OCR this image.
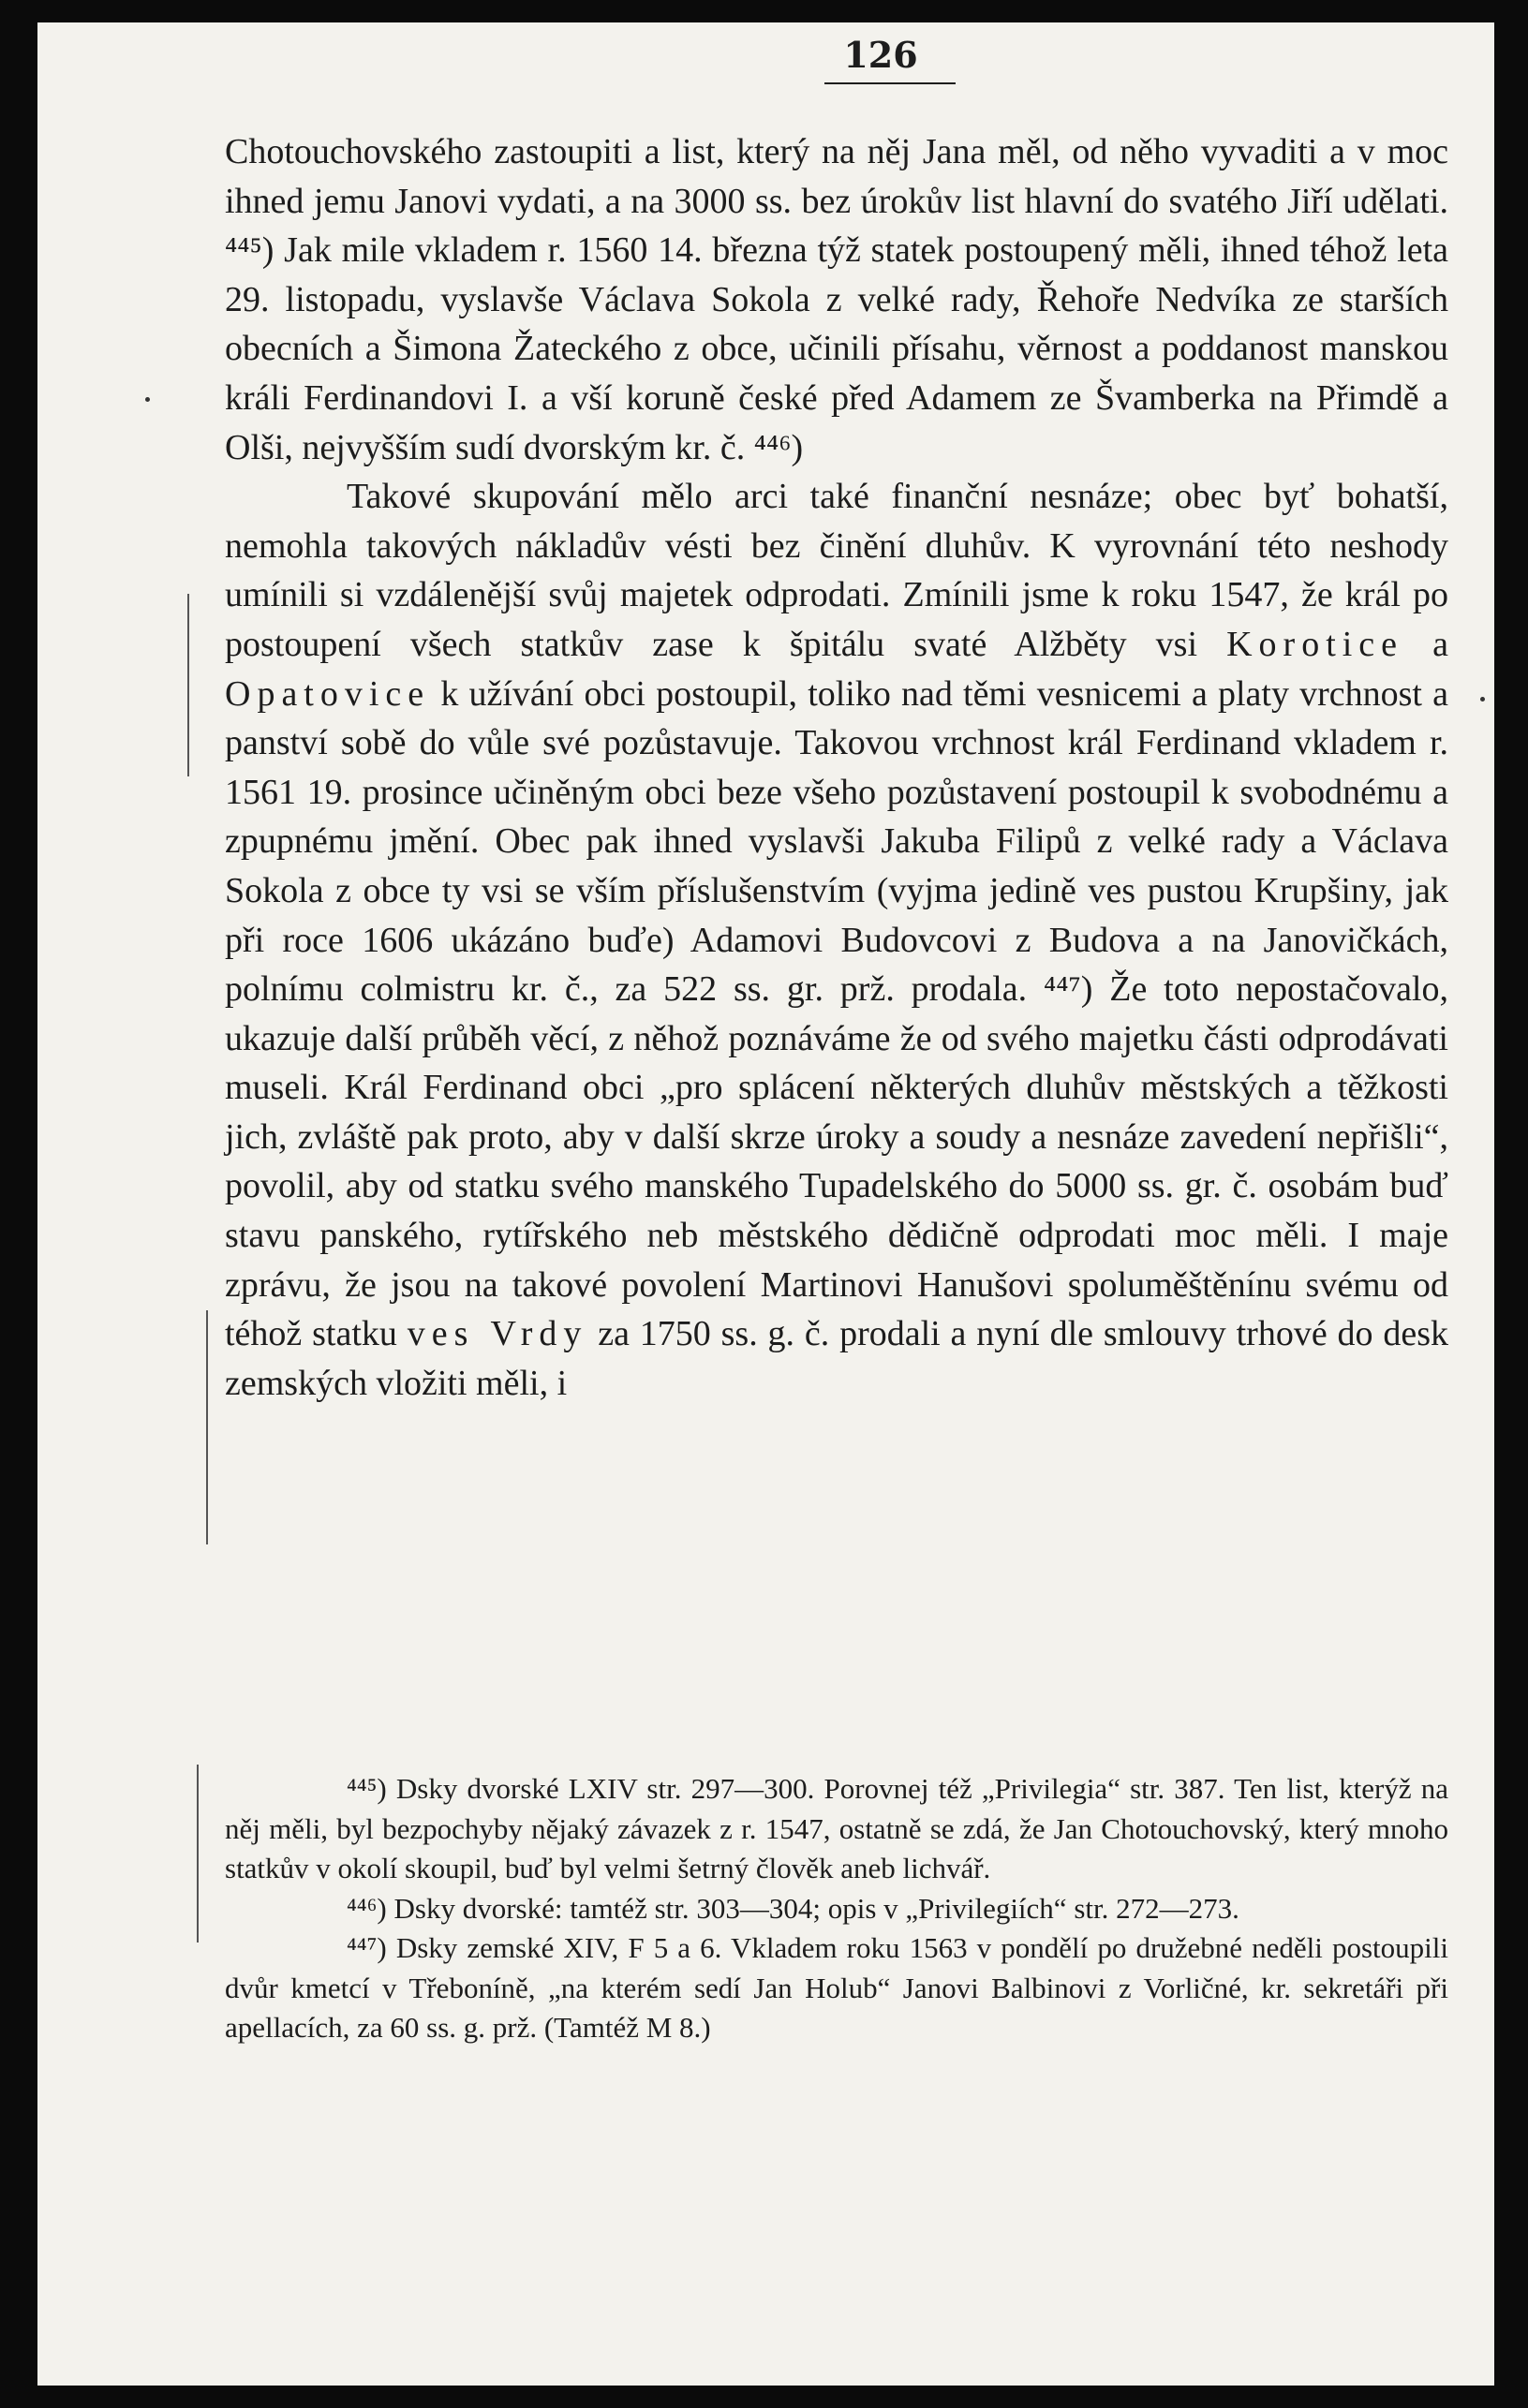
126

Chotouchovského zastoupiti a list, který na něj Jana měl, od něho vyvaditi a v moc ihned jemu Janovi vydati, a na 3000 ss. bez úrokův list hlavní do svatého Jiří udělati. ⁴⁴⁵) Jak mile vkladem r. 1560 14. března týž statek postoupený měli, ihned téhož leta 29. listopadu, vyslavše Václava Sokola z velké rady, Řehoře Nedvíka ze starších obecních a Šimona Žateckého z obce, učinili přísahu, věrnost a poddanost manskou králi Ferdinandovi I. a vší koruně české před Adamem ze Švamberka na Přimdě a Olši, nejvyšším sudí dvorským kr. č. ⁴⁴⁶)

Takové skupování mělo arci také finanční nesnáze; obec byť bohatší, nemohla takových nákladův vésti bez činění dluhův. K vyrovnání této neshody umínili si vzdálenější svůj majetek odprodati. Zmínili jsme k roku 1547, že král po postoupení všech statkův zase k špitálu svaté Alžběty vsi Korotice a Opatovice k užívání obci postoupil, toliko nad těmi vesnicemi a platy vrchnost a panství sobě do vůle své pozůstavuje. Takovou vrchnost král Ferdinand vkladem r. 1561 19. prosince učiněným obci beze všeho pozůstavení postoupil k svobodnému a zpupnému jmění. Obec pak ihned vyslavši Jakuba Filipů z velké rady a Václava Sokola z obce ty vsi se vším příslušenstvím (vyjma jedině ves pustou Krupšiny, jak při roce 1606 ukázáno buďe) Adamovi Budovcovi z Budova a na Janovičkách, polnímu colmistru kr. č., za 522 ss. gr. prž. prodala. ⁴⁴⁷) Že toto nepostačovalo, ukazuje další průběh věcí, z něhož poznáváme že od svého majetku části odprodávati museli. Král Ferdinand obci „pro splácení některých dluhův městských a těžkosti jich, zvláště pak proto, aby v další skrze úroky a soudy a nesnáze zavedení nepřišli“, povolil, aby od statku svého manského Tupadelského do 5000 ss. gr. č. osobám buď stavu panského, rytířského neb městského dědičně odprodati moc měli. I maje zprávu, že jsou na takové povolení Martinovi Hanušovi spoluměštěnínu svému od téhož statku ves Vrdy za 1750 ss. g. č. prodali a nyní dle smlouvy trhové do desk zemských vložiti měli, i

⁴⁴⁵) Dsky dvorské LXIV str. 297—300. Porovnej též „Privilegia“ str. 387. Ten list, kterýž na něj měli, byl bezpochyby nějaký závazek z r. 1547, ostatně se zdá, že Jan Chotouchovský, který mnoho statkův v okolí skoupil, buď byl velmi šetrný člověk aneb lichvář.

⁴⁴⁶) Dsky dvorské: tamtéž str. 303—304; opis v „Privilegiích“ str. 272—273.

⁴⁴⁷) Dsky zemské XIV, F 5 a 6. Vkladem roku 1563 v pondělí po družebné neděli postoupili dvůr kmetcí v Třeboníně, „na kterém sedí Jan Holub“ Janovi Balbinovi z Vorličné, kr. sekretáři při apellacích, za 60 ss. g. prž. (Tamtéž M 8.)
